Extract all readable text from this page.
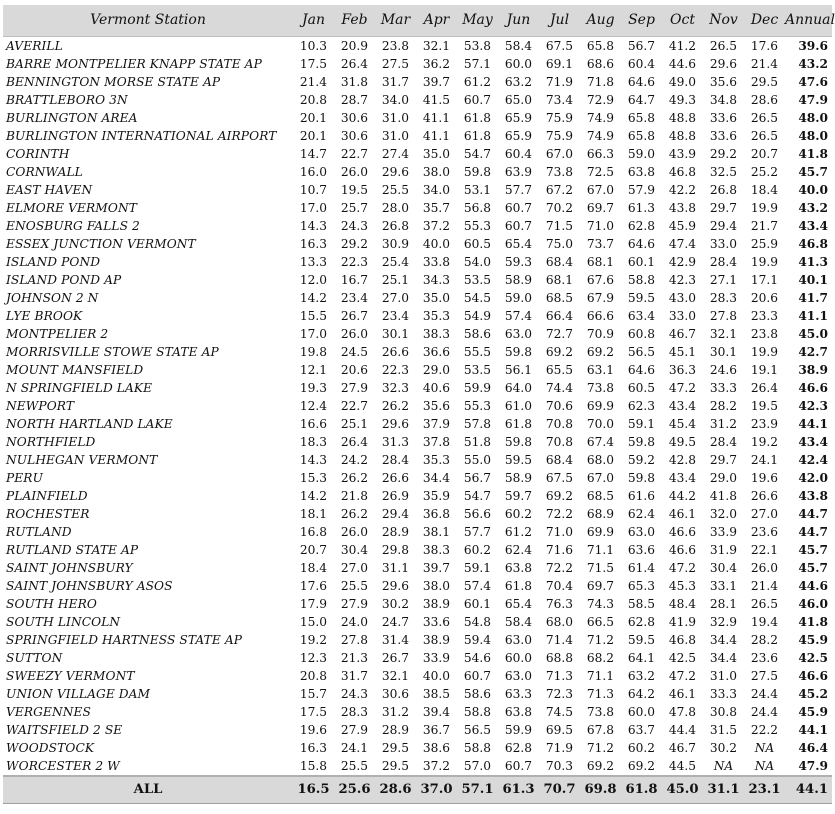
Vermont Station	Jan	Feb	Mar	Apr	May	Jun	Jul	Aug	Sep	Oct	Nov	Dec	Annual
AVERILL	10.3	20.9	23.8	32.1	53.8	58.4	67.5	65.8	56.7	41.2	26.5	17.6	39.6
BARRE MONTPELIER KNAPP STATE AP	17.5	26.4	27.5	36.2	57.1	60.0	69.1	68.6	60.4	44.6	29.6	21.4	43.2
BENNINGTON MORSE STATE AP	21.4	31.8	31.7	39.7	61.2	63.2	71.9	71.8	64.6	49.0	35.6	29.5	47.6
BRATTLEBORO 3N	20.8	28.7	34.0	41.5	60.7	65.0	73.4	72.9	64.7	49.3	34.8	28.6	47.9
BURLINGTON AREA	20.1	30.6	31.0	41.1	61.8	65.9	75.9	74.9	65.8	48.8	33.6	26.5	48.0
BURLINGTON INTERNATIONAL AIRPORT	20.1	30.6	31.0	41.1	61.8	65.9	75.9	74.9	65.8	48.8	33.6	26.5	48.0
CORINTH	14.7	22.7	27.4	35.0	54.7	60.4	67.0	66.3	59.0	43.9	29.2	20.7	41.8
CORNWALL	16.0	26.0	29.6	38.0	59.8	63.9	73.8	72.5	63.8	46.8	32.5	25.2	45.7
EAST HAVEN	10.7	19.5	25.5	34.0	53.1	57.7	67.2	67.0	57.9	42.2	26.8	18.4	40.0
ELMORE VERMONT	17.0	25.7	28.0	35.7	56.8	60.7	70.2	69.7	61.3	43.8	29.7	19.9	43.2
ENOSBURG FALLS 2	14.3	24.3	26.8	37.2	55.3	60.7	71.5	71.0	62.8	45.9	29.4	21.7	43.4
ESSEX JUNCTION VERMONT	16.3	29.2	30.9	40.0	60.5	65.4	75.0	73.7	64.6	47.4	33.0	25.9	46.8
ISLAND POND	13.3	22.3	25.4	33.8	54.0	59.3	68.4	68.1	60.1	42.9	28.4	19.9	41.3
ISLAND POND AP	12.0	16.7	25.1	34.3	53.5	58.9	68.1	67.6	58.8	42.3	27.1	17.1	40.1
JOHNSON 2 N	14.2	23.4	27.0	35.0	54.5	59.0	68.5	67.9	59.5	43.0	28.3	20.6	41.7
LYE BROOK	15.5	26.7	23.4	35.3	54.9	57.4	66.4	66.6	63.4	33.0	27.8	23.3	41.1
MONTPELIER 2	17.0	26.0	30.1	38.3	58.6	63.0	72.7	70.9	60.8	46.7	32.1	23.8	45.0
MORRISVILLE STOWE STATE AP	19.8	24.5	26.6	36.6	55.5	59.8	69.2	69.2	56.5	45.1	30.1	19.9	42.7
MOUNT MANSFIELD	12.1	20.6	22.3	29.0	53.5	56.1	65.5	63.1	64.6	36.3	24.6	19.1	38.9
N SPRINGFIELD LAKE	19.3	27.9	32.3	40.6	59.9	64.0	74.4	73.8	60.5	47.2	33.3	26.4	46.6
NEWPORT	12.4	22.7	26.2	35.6	55.3	61.0	70.6	69.9	62.3	43.4	28.2	19.5	42.3
NORTH HARTLAND LAKE	16.6	25.1	29.6	37.9	57.8	61.8	70.8	70.0	59.1	45.4	31.2	23.9	44.1
NORTHFIELD	18.3	26.4	31.3	37.8	51.8	59.8	70.8	67.4	59.8	49.5	28.4	19.2	43.4
NULHEGAN VERMONT	14.3	24.2	28.4	35.3	55.0	59.5	68.4	68.0	59.2	42.8	29.7	24.1	42.4
PERU	15.3	26.2	26.6	34.4	56.7	58.9	67.5	67.0	59.8	43.4	29.0	19.6	42.0
PLAINFIELD	14.2	21.8	26.9	35.9	54.7	59.7	69.2	68.5	61.6	44.2	41.8	26.6	43.8
ROCHESTER	18.1	26.2	29.4	36.8	56.6	60.2	72.2	68.9	62.4	46.1	32.0	27.0	44.7
RUTLAND	16.8	26.0	28.9	38.1	57.7	61.2	71.0	69.9	63.0	46.6	33.9	23.6	44.7
RUTLAND STATE AP	20.7	30.4	29.8	38.3	60.2	62.4	71.6	71.1	63.6	46.6	31.9	22.1	45.7
SAINT JOHNSBURY	18.4	27.0	31.1	39.7	59.1	63.8	72.2	71.5	61.4	47.2	30.4	26.0	45.7
SAINT JOHNSBURY ASOS	17.6	25.5	29.6	38.0	57.4	61.8	70.4	69.7	65.3	45.3	33.1	21.4	44.6
SOUTH HERO	17.9	27.9	30.2	38.9	60.1	65.4	76.3	74.3	58.5	48.4	28.1	26.5	46.0
SOUTH LINCOLN	15.0	24.0	24.7	33.6	54.8	58.4	68.0	66.5	62.8	41.9	32.9	19.4	41.8
SPRINGFIELD HARTNESS STATE AP	19.2	27.8	31.4	38.9	59.4	63.0	71.4	71.2	59.5	46.8	34.4	28.2	45.9
SUTTON	12.3	21.3	26.7	33.9	54.6	60.0	68.8	68.2	64.1	42.5	34.4	23.6	42.5
SWEEZY VERMONT	20.8	31.7	32.1	40.0	60.7	63.0	71.3	71.1	63.2	47.2	31.0	27.5	46.6
UNION VILLAGE DAM	15.7	24.3	30.6	38.5	58.6	63.3	72.3	71.3	64.2	46.1	33.3	24.4	45.2
VERGENNES	17.5	28.3	31.2	39.4	58.8	63.8	74.5	73.8	60.0	47.8	30.8	24.4	45.9
WAITSFIELD 2 SE	19.6	27.9	28.9	36.7	56.5	59.9	69.5	67.8	63.7	44.4	31.5	22.2	44.1
WOODSTOCK	16.3	24.1	29.5	38.6	58.8	62.8	71.9	71.2	60.2	46.7	30.2	NA	46.4
WORCESTER 2 W	15.8	25.5	29.5	37.2	57.0	60.7	70.3	69.2	69.2	44.5	NA	NA	47.9
ALL	16.5	25.6	28.6	37.0	57.1	61.3	70.7	69.8	61.8	45.0	31.1	23.1	44.1
